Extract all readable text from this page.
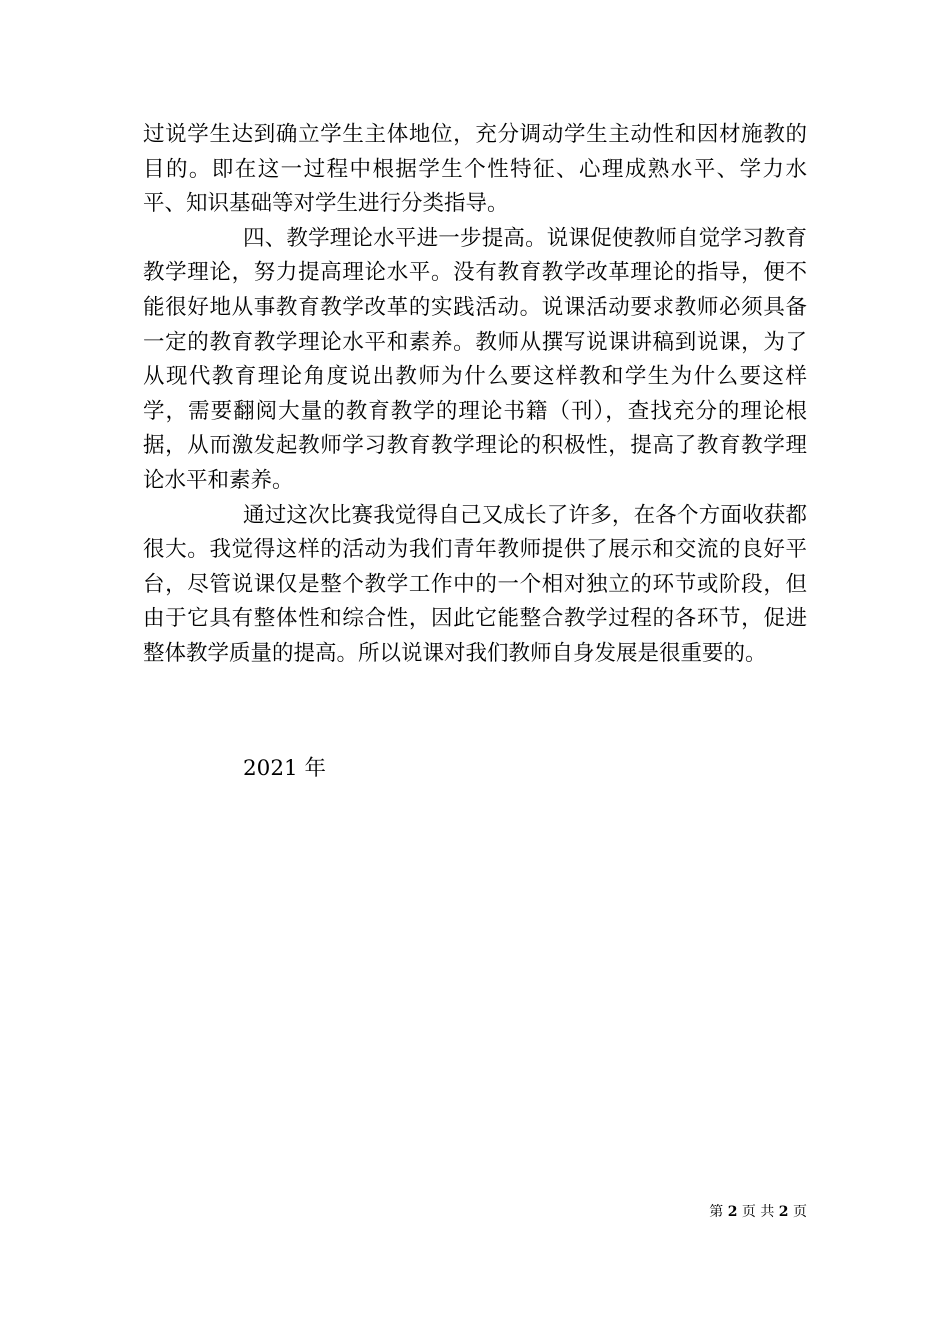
过说学生达到确立学生主体地位，充分调动学生主动性和因材施教的目的。即在这一过程中根据学生个性特征、心理成熟水平、学力水平、知识基础等对学生进行分类指导。

四、教学理论水平进一步提高。说课促使教师自觉学习教育教学理论，努力提高理论水平。没有教育教学改革理论的指导，便不能很好地从事教育教学改革的实践活动。说课活动要求教师必须具备一定的教育教学理论水平和素养。教师从撰写说课讲稿到说课，为了从现代教育理论角度说出教师为什么要这样教和学生为什么要这样学，需要翻阅大量的教育教学的理论书籍（刊），查找充分的理论根据，从而激发起教师学习教育教学理论的积极性，提高了教育教学理论水平和素养。

通过这次比赛我觉得自己又成长了许多，在各个方面收获都很大。我觉得这样的活动为我们青年教师提供了展示和交流的良好平台，尽管说课仅是整个教学工作中的一个相对独立的环节或阶段，但由于它具有整体性和综合性，因此它能整合教学过程的各环节，促进整体教学质量的提高。所以说课对我们教师自身发展是很重要的。

2021 年
第 2 页 共 2 页
